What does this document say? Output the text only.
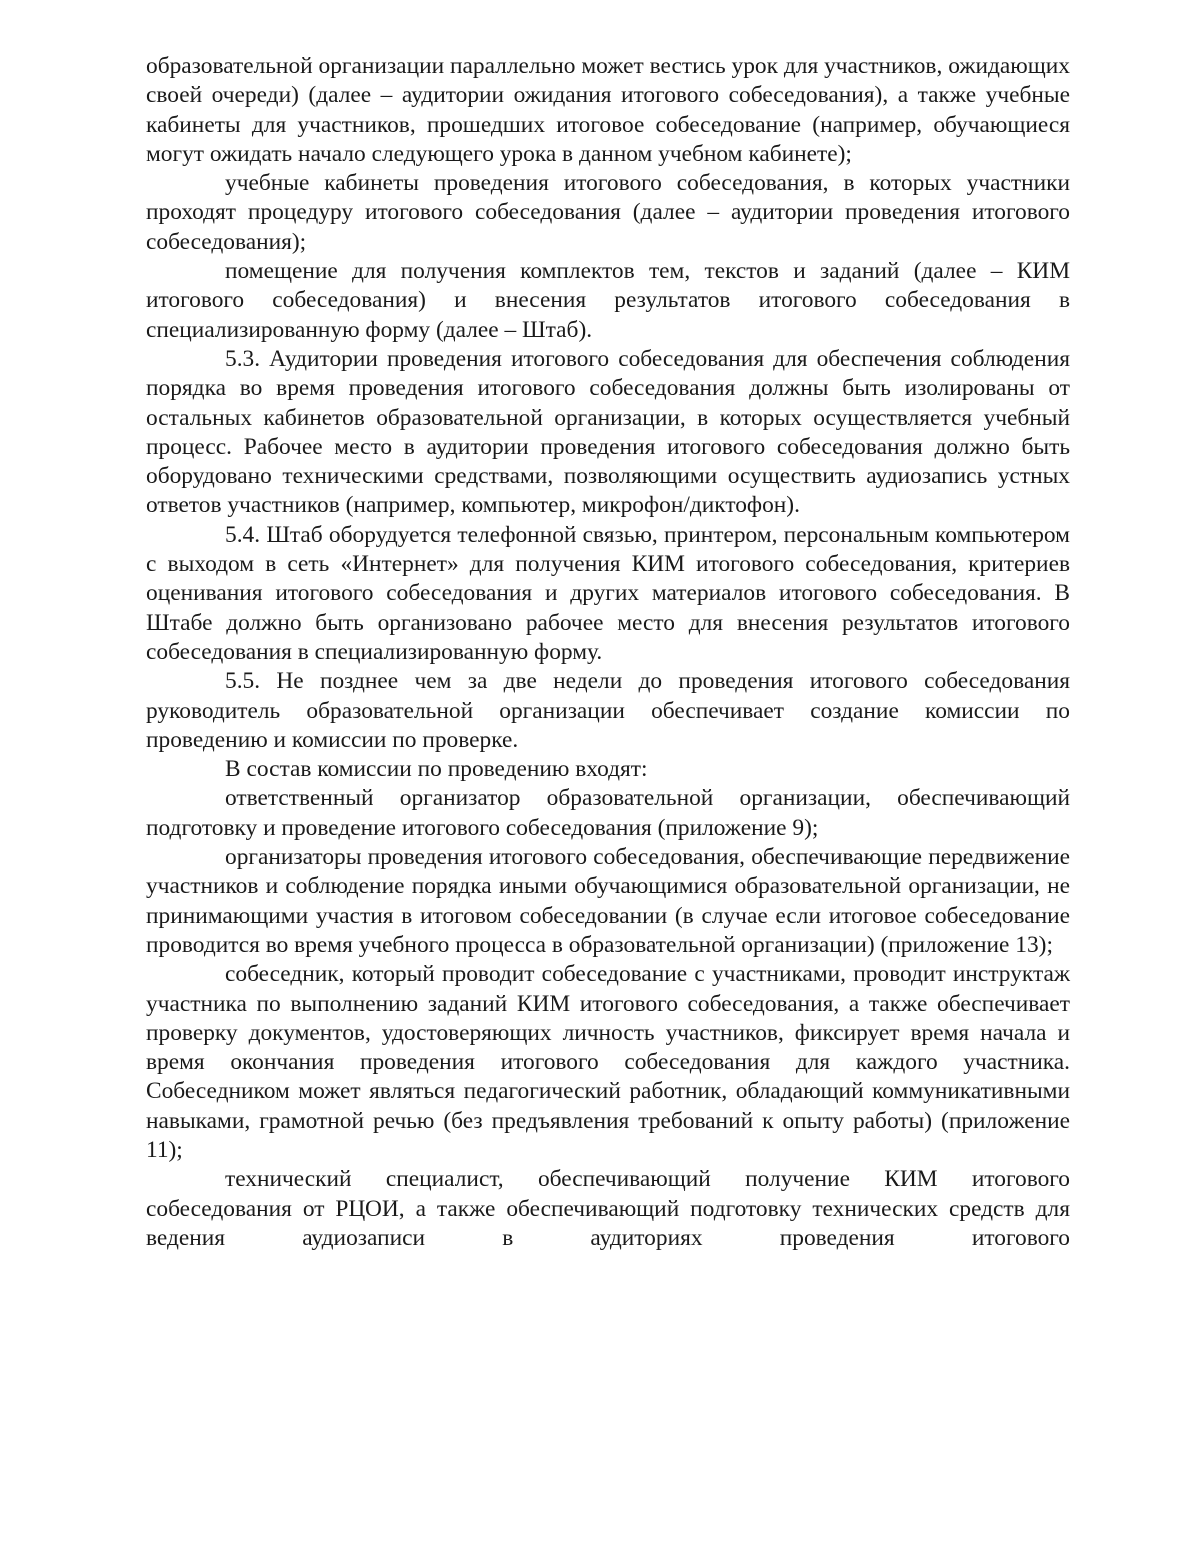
образовательной организации параллельно может вестись урок для участников, ожидающих своей очереди) (далее – аудитории ожидания итогового собеседования), а также учебные кабинеты для участников, прошедших итоговое собеседование (например, обучающиеся могут ожидать начало следующего урока в данном учебном кабинете);

учебные кабинеты проведения итогового собеседования, в которых участники проходят процедуру итогового собеседования (далее – аудитории проведения итогового собеседования);

помещение для получения комплектов тем, текстов и заданий (далее – КИМ итогового собеседования) и внесения результатов итогового собеседования в специализированную форму (далее – Штаб).

5.3. Аудитории проведения итогового собеседования для обеспечения соблюдения порядка во время проведения итогового собеседования должны быть изолированы от остальных кабинетов образовательной организации, в которых осуществляется учебный процесс. Рабочее место в аудитории проведения итогового собеседования должно быть оборудовано техническими средствами, позволяющими осуществить аудиозапись устных ответов участников (например, компьютер, микрофон/диктофон).

5.4. Штаб оборудуется телефонной связью, принтером, персональным компьютером с выходом в сеть «Интернет» для получения КИМ итогового собеседования, критериев оценивания итогового собеседования и других материалов итогового собеседования. В Штабе должно быть организовано рабочее место для внесения результатов итогового собеседования в специализированную форму.

5.5. Не позднее чем за две недели до проведения итогового собеседования руководитель образовательной организации обеспечивает создание комиссии по проведению и комиссии по проверке.

В состав комиссии по проведению входят:

ответственный организатор образовательной организации, обеспечивающий подготовку и проведение итогового собеседования (приложение 9);

организаторы проведения итогового собеседования, обеспечивающие передвижение участников и соблюдение порядка иными обучающимися образовательной организации, не принимающими участия в итоговом собеседовании (в случае если итоговое собеседование проводится во время учебного процесса в образовательной организации) (приложение 13);

собеседник, который проводит собеседование с участниками, проводит инструктаж участника по выполнению заданий КИМ итогового собеседования, а также обеспечивает проверку документов, удостоверяющих личность участников, фиксирует время начала и время окончания проведения итогового собеседования для каждого участника. Собеседником может являться педагогический работник, обладающий коммуникативными навыками, грамотной речью (без предъявления требований к опыту работы) (приложение 11);

технический специалист, обеспечивающий получение КИМ итогового собеседования от РЦОИ, а также обеспечивающий подготовку технических средств для ведения аудиозаписи в аудиториях проведения итогового
